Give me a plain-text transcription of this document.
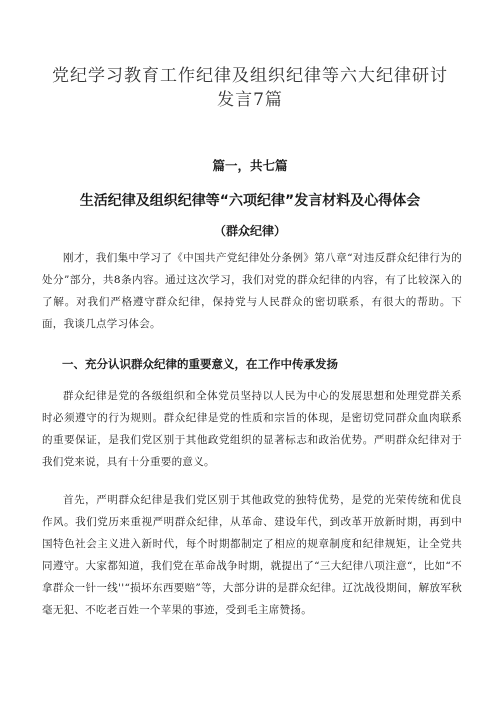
党纪学习教育工作纪律及组织纪律等六大纪律研讨
发言7篇
篇一，共七篇
生活纪律及组织纪律等“六项纪律”发言材料及心得体会
（群众纪律）

刚才，我们集中学习了《中国共产党纪律处分条例》第八章“对违反群众纪律行为的处分”部分，共8条内容。通过这次学习，我们对党的群众纪律的内容，有了比较深入的了解。对我们严格遵守群众纪律，保持党与人民群众的密切联系，有很大的帮助。下面，我谈几点学习体会。

一、充分认识群众纪律的重要意义，在工作中传承发扬

群众纪律是党的各级组织和全体党员坚持以人民为中心的发展思想和处理党群关系时必须遵守的行为规则。群众纪律是党的性质和宗旨的体现，是密切党同群众血肉联系的重要保证，是我们党区别于其他政党组织的显著标志和政治优势。严明群众纪律对于我们党来说，具有十分重要的意义。

首先，严明群众纪律是我们党区别于其他政党的独特优势，是党的光荣传统和优良作风。我们党历来重视严明群众纪律，从革命、建设年代，到改革开放新时期，再到中国特色社会主义进入新时代，每个时期都制定了相应的规章制度和纪律规矩，让全党共同遵守。大家都知道，我们党在革命战争时期，就提出了“三大纪律八项注意“，比如“不拿群众一针一线''“损坏东西要赔”等，大部分讲的是群众纪律。辽沈战役期间，解放军秋毫无犯、不吃老百姓一个苹果的事迹，受到毛主席赞扬。
